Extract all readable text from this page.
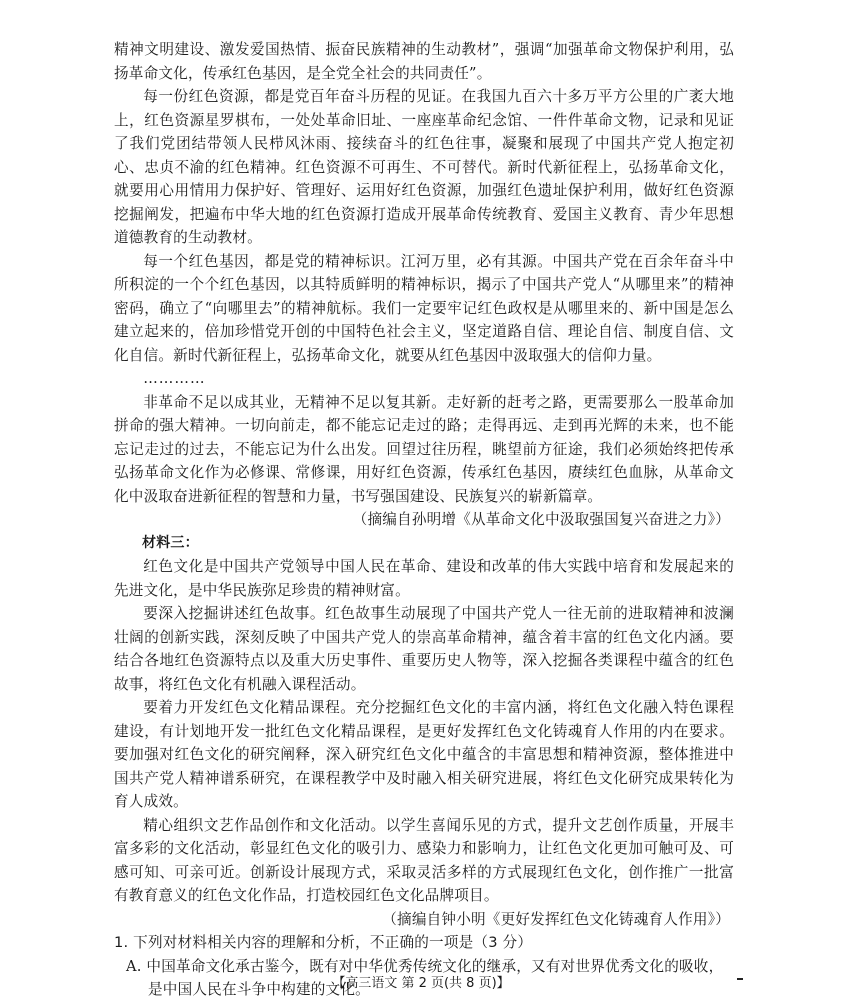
精神文明建设、激发爱国热情、振奋民族精神的生动教材”，强调“加强革命文物保护利用，弘扬革命文化，传承红色基因，是全党全社会的共同责任”。

每一份红色资源，都是党百年奋斗历程的见证。在我国九百六十多万平方公里的广袤大地上，红色资源星罗棋布，一处处革命旧址、一座座革命纪念馆、一件件革命文物，记录和见证了我们党团结带领人民栉风沐雨、接续奋斗的红色往事，凝聚和展现了中国共产党人抱定初心、忠贞不渝的红色精神。红色资源不可再生、不可替代。新时代新征程上，弘扬革命文化，就要用心用情用力保护好、管理好、运用好红色资源，加强红色遗址保护利用，做好红色资源挖掘阐发，把遍布中华大地的红色资源打造成开展革命传统教育、爱国主义教育、青少年思想道德教育的生动教材。

每一个红色基因，都是党的精神标识。江河万里，必有其源。中国共产党在百余年奋斗中所积淀的一个个红色基因，以其特质鲜明的精神标识，揭示了中国共产党人“从哪里来”的精神密码，确立了“向哪里去”的精神航标。我们一定要牢记红色政权是从哪里来的、新中国是怎么建立起来的，倍加珍惜党开创的中国特色社会主义，坚定道路自信、理论自信、制度自信、文化自信。新时代新征程上，弘扬革命文化，就要从红色基因中汲取强大的信仰力量。

…………

非革命不足以成其业，无精神不足以复其新。走好新的赶考之路，更需要那么一股革命加拼命的强大精神。一切向前走，都不能忘记走过的路；走得再远、走到再光辉的未来，也不能忘记走过的过去，不能忘记为什么出发。回望过往历程，眺望前方征途，我们必须始终把传承弘扬革命文化作为必修课、常修课，用好红色资源，传承红色基因，赓续红色血脉，从革命文化中汲取奋进新征程的智慧和力量，书写强国建设、民族复兴的崭新篇章。

（摘编自孙明增《从革命文化中汲取强国复兴奋进之力》）

材料三：

红色文化是中国共产党领导中国人民在革命、建设和改革的伟大实践中培育和发展起来的先进文化，是中华民族弥足珍贵的精神财富。

要深入挖掘讲述红色故事。红色故事生动展现了中国共产党人一往无前的进取精神和波澜壮阔的创新实践，深刻反映了中国共产党人的崇高革命精神，蕴含着丰富的红色文化内涵。要结合各地红色资源特点以及重大历史事件、重要历史人物等，深入挖掘各类课程中蕴含的红色故事，将红色文化有机融入课程活动。

要着力开发红色文化精品课程。充分挖掘红色文化的丰富内涵，将红色文化融入特色课程建设，有计划地开发一批红色文化精品课程，是更好发挥红色文化铸魂育人作用的内在要求。要加强对红色文化的研究阐释，深入研究红色文化中蕴含的丰富思想和精神资源，整体推进中国共产党人精神谱系研究，在课程教学中及时融入相关研究进展，将红色文化研究成果转化为育人成效。

精心组织文艺作品创作和文化活动。以学生喜闻乐见的方式，提升文艺创作质量，开展丰富多彩的文化活动，彰显红色文化的吸引力、感染力和影响力，让红色文化更加可触可及、可感可知、可亲可近。创新设计展现方式，采取灵活多样的方式展现红色文化，创作推广一批富有教育意义的红色文化作品，打造校园红色文化品牌项目。

（摘编自钟小明《更好发挥红色文化铸魂育人作用》）

1. 下列对材料相关内容的理解和分析，不正确的一项是（3 分）

A. 中国革命文化承古鉴今，既有对中华优秀传统文化的继承，又有对世界优秀文化的吸收，

是中国人民在斗争中构建的文化。

【高三语文 第 2 页(共 8 页)】
